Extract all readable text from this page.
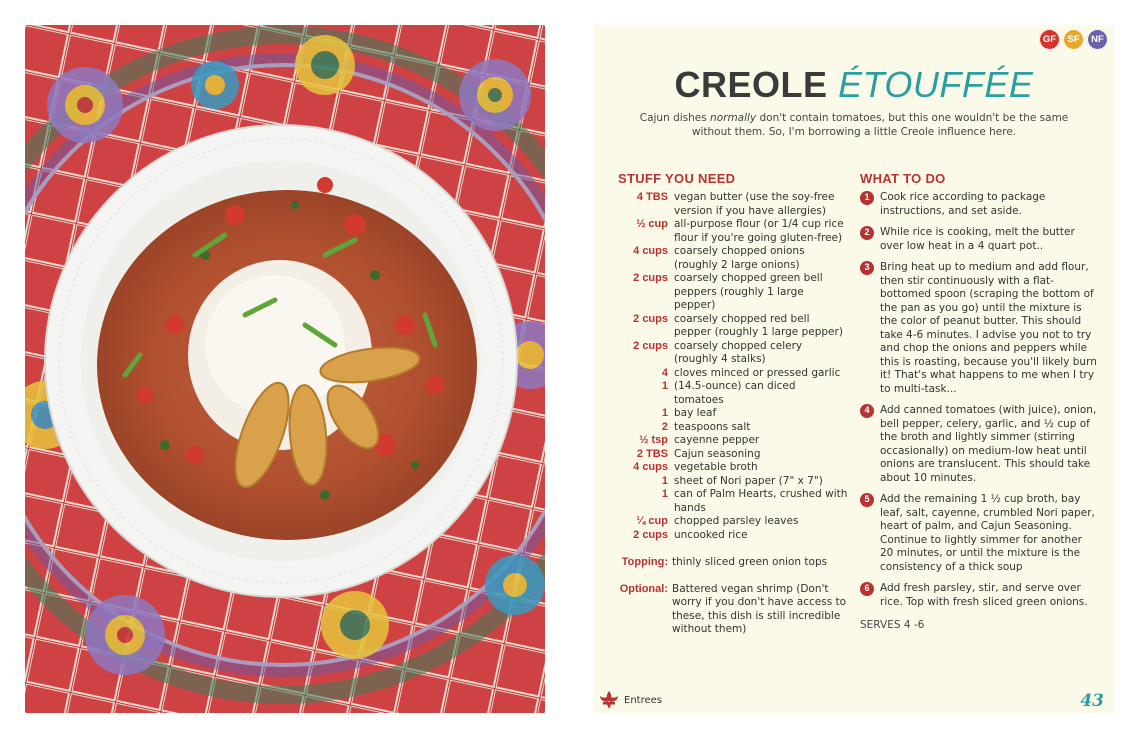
GF	SF	NF
CREOLE ÉTOUFFÉE
Cajun dishes normally don't contain tomatoes, but this one wouldn't be the same without them. So, I'm borrowing a little Creole influence here.
STUFF YOU NEED
4 TBS vegan butter (use the soy-free version if you have allergies)
½ cup all-purpose flour (or 1/4 cup rice flour if you're going gluten-free)
4 cups coarsely chopped onions (roughly 2 large onions)
2 cups coarsely chopped green bell peppers (roughly 1 large pepper)
2 cups coarsely chopped red bell pepper (roughly 1 large pepper)
2 cups coarsely chopped celery (roughly 4 stalks)
4 cloves minced or pressed garlic
1 (14.5-ounce) can diced tomatoes
1 bay leaf
2 teaspoons salt
½ tsp cayenne pepper
2 TBS Cajun seasoning
4 cups vegetable broth
1 sheet of Nori paper (7" x 7")
1 can of Palm Hearts, crushed with hands
¼ cup chopped parsley leaves
2 cups uncooked rice
Topping: thinly sliced green onion tops
Optional: Battered vegan shrimp (Don't worry if you don't have access to these, this dish is still incredible without them)
WHAT TO DO
1	Cook rice according to package instructions, and set aside.
2	While rice is cooking, melt the butter over low heat in a 4 quart pot..
3	Bring heat up to medium and add flour, then stir continuously with a flat-bottomed spoon (scraping the bottom of the pan as you go) until the mixture is the color of peanut butter. This should take 4-6 minutes. I advise you not to try and chop the onions and peppers while this is roasting, because you'll likely burn it! That's what happens to me when I try to multi-task...
4	Add canned tomatoes (with juice), onion, bell pepper, celery, garlic, and ½ cup of the broth and lightly simmer (stirring occasionally) on medium-low heat until onions are translucent. This should take about 10 minutes.
5	Add the remaining 1 ½ cup broth, bay leaf, salt, cayenne, crumbled Nori paper, heart of palm, and Cajun Seasoning. Continue to lightly simmer for another 20 minutes, or until the mixture is the consistency of a thick soup
6	Add fresh parsley, stir, and serve over rice. Top with fresh sliced green onions.
SERVES 4 -6
Entrees	43
